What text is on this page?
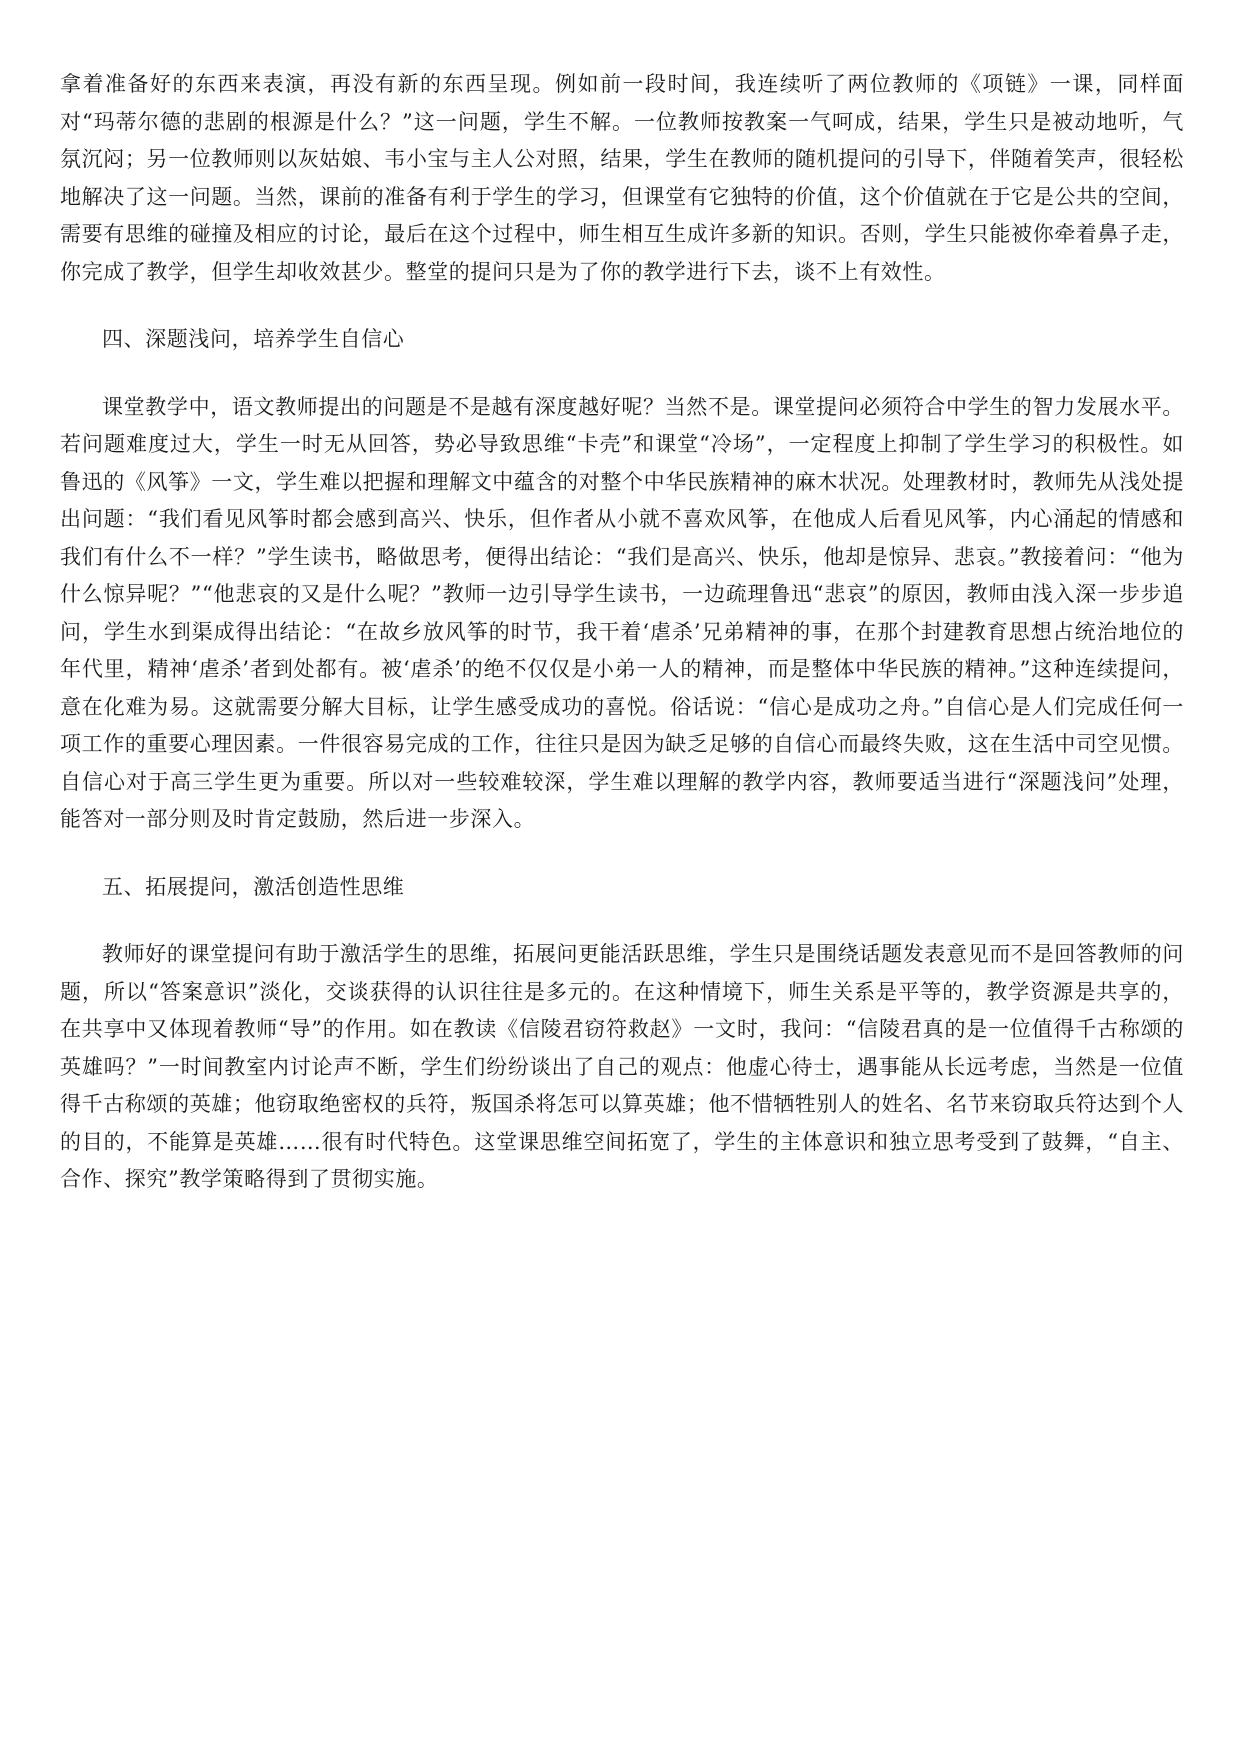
拿着准备好的东西来表演，再没有新的东西呈现。例如前一段时间，我连续听了两位教师的《项链》一课，同样面对“玛蒂尔德的悲剧的根源是什么？”这一问题，学生不解。一位教师按教案一气呵成，结果，学生只是被动地听，气氛沉闷；另一位教师则以灰姑娘、韦小宝与主人公对照，结果，学生在教师的随机提问的引导下，伴随着笑声，很轻松地解决了这一问题。当然，课前的准备有利于学生的学习，但课堂有它独特的价值，这个价值就在于它是公共的空间，需要有思维的碰撞及相应的讨论，最后在这个过程中，师生相互生成许多新的知识。否则，学生只能被你牵着鼻子走，你完成了教学，但学生却收效甚少。整堂的提问只是为了你的教学进行下去，谈不上有效性。

四、深题浅问，培养学生自信心

课堂教学中，语文教师提出的问题是不是越有深度越好呢？当然不是。课堂提问必须符合中学生的智力发展水平。若问题难度过大，学生一时无从回答，势必导致思维“卡壳”和课堂“冷场”，一定程度上抑制了学生学习的积极性。如鲁迅的《风筝》一文，学生难以把握和理解文中蕴含的对整个中华民族精神的麻木状况。处理教材时，教师先从浅处提出问题：“我们看见风筝时都会感到高兴、快乐，但作者从小就不喜欢风筝，在他成人后看见风筝，内心涌起的情感和我们有什么不一样？”学生读书，略做思考，便得出结论：“我们是高兴、快乐，他却是惊异、悲哀。”教接着问：“他为什么惊异呢？”“他悲哀的又是什么呢？”教师一边引导学生读书，一边疏理鲁迅“悲哀”的原因，教师由浅入深一步步追问，学生水到渠成得出结论：“在故乡放风筝的时节，我干着‘虐杀’兄弟精神的事，在那个封建教育思想占统治地位的年代里，精神‘虐杀’者到处都有。被‘虐杀’的绝不仅仅是小弟一人的精神，而是整体中华民族的精神。”这种连续提问，意在化难为易。这就需要分解大目标，让学生感受成功的喜悦。俗话说：“信心是成功之舟。”自信心是人们完成任何一项工作的重要心理因素。一件很容易完成的工作，往往只是因为缺乏足够的自信心而最终失败，这在生活中司空见惯。自信心对于高三学生更为重要。所以对一些较难较深，学生难以理解的教学内容，教师要适当进行“深题浅问”处理，能答对一部分则及时肯定鼓励，然后进一步深入。

五、拓展提问，激活创造性思维

教师好的课堂提问有助于激活学生的思维，拓展问更能活跃思维，学生只是围绕话题发表意见而不是回答教师的问题，所以“答案意识”淡化，交谈获得的认识往往是多元的。在这种情境下，师生关系是平等的，教学资源是共享的，在共享中又体现着教师“导”的作用。如在教读《信陵君窃符救赵》一文时，我问：“信陵君真的是一位值得千古称颂的英雄吗？”一时间教室内讨论声不断，学生们纷纷谈出了自己的观点：他虚心待士，遇事能从长远考虑，当然是一位值得千古称颂的英雄；他窃取绝密权的兵符，叛国杀将怎可以算英雄；他不惜牺牲别人的姓名、名节来窃取兵符达到个人的目的，不能算是英雄……很有时代特色。这堂课思维空间拓宽了，学生的主体意识和独立思考受到了鼓舞，“自主、合作、探究”教学策略得到了贯彻实施。
